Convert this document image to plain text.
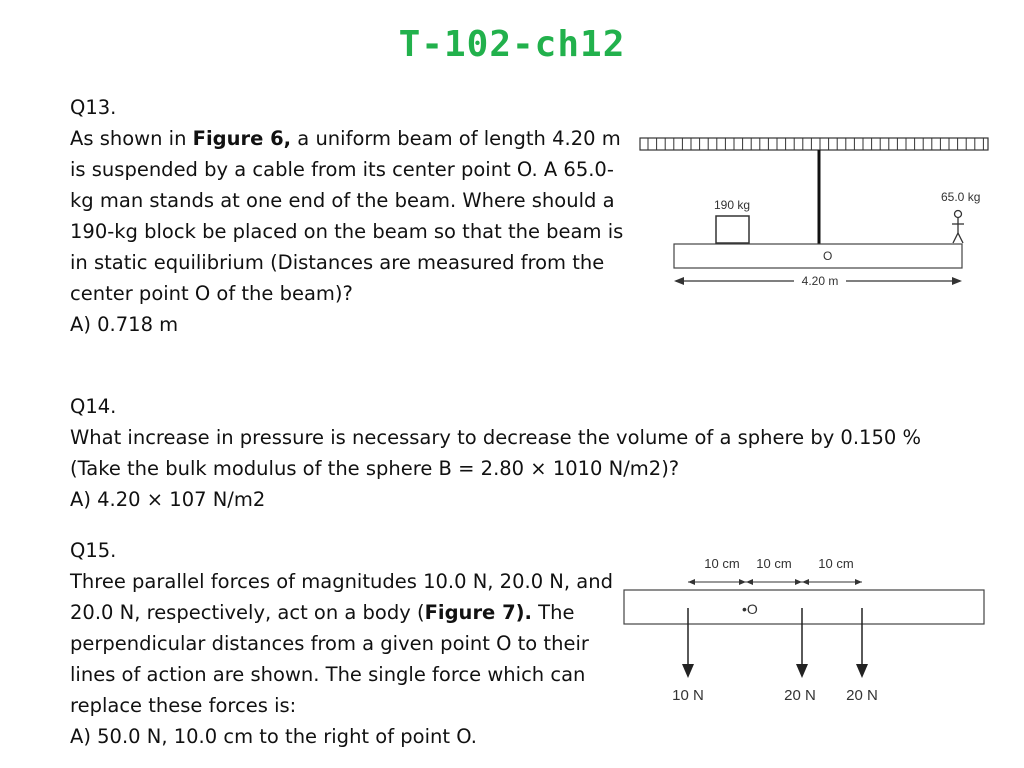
T-102-ch12

Q13.

As shown in Figure 6, a uniform beam of length 4.20 m is suspended by a cable from its center point O. A 65.0-kg man stands at one end of the beam. Where should a 190-kg block be placed on the beam so that the beam is in static equilibrium (Distances are measured from the center point O of the beam)?

A) 0.718 m

Q14.

What increase in pressure is necessary to decrease the volume of a sphere by 0.150 %

(Take the bulk modulus of the sphere B = 2.80 × 1010 N/m2)?

A) 4.20 × 107 N/m2

Q15.

Three parallel forces of magnitudes 10.0 N, 20.0 N, and 20.0 N, respectively, act on a body (Figure 7). The perpendicular distances from a given point O to their lines of action are shown. The single force which can replace these forces is:

A) 50.0 N, 10.0 cm to the right of point O.

190 kg
65.0 kg
O
4.20 m
10 cm 10 cm 10 cm
•O
10 N	20 N 20 N
